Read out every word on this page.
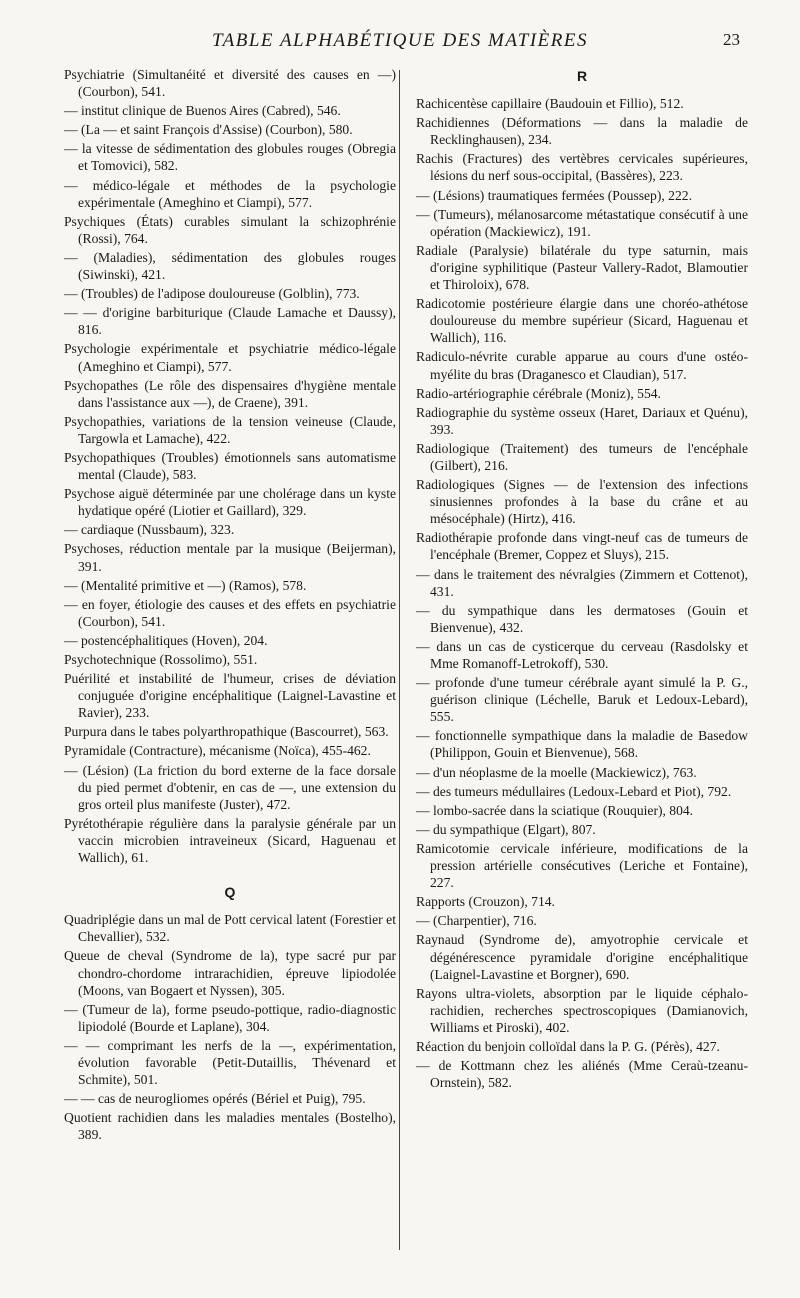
TABLE ALPHABÉTIQUE DES MATIÈRES	23
Psychiatrie (Simultanéité et diversité des causes en —) (Courbon), 541.
— institut clinique de Buenos Aires (Cabred), 546.
— (La — et saint François d'Assise) (Courbon), 580.
— la vitesse de sédimentation des globules rouges (Obregia et Tomovici), 582.
— médico-légale et méthodes de la psychologie expérimentale (Ameghino et Ciampi), 577.
Psychiques (États) curables simulant la schizophrénie (Rossi), 764.
— (Maladies), sédimentation des globules rouges (Siwinski), 421.
— (Troubles) de l'adipose douloureuse (Golblin), 773.
— — d'origine barbiturique (Claude Lamache et Daussy), 816.
Psychologie expérimentale et psychiatrie médico-légale (Ameghino et Ciampi), 577.
Psychopathes (Le rôle des dispensaires d'hygiène mentale dans l'assistance aux —), de Craene), 391.
Psychopathies, variations de la tension veineuse (Claude, Targowla et Lamache), 422.
Psychopathiques (Troubles) émotionnels sans automatisme mental (Claude), 583.
Psychose aiguë déterminée par une cholérage dans un kyste hydatique opéré (Liotier et Gaillard), 329.
— cardiaque (Nussbaum), 323.
Psychoses, réduction mentale par la musique (Beijerman), 391.
— (Mentalité primitive et —) (Ramos), 578.
— en foyer, étiologie des causes et des effets en psychiatrie (Courbon), 541.
— postencéphalitiques (Hoven), 204.
Psychotechnique (Rossolimo), 551.
Puérilité et instabilité de l'humeur, crises de déviation conjuguée d'origine encéphalitique (Laignel-Lavastine et Ravier), 233.
Purpura dans le tabes polyarthropathique (Bascourret), 563.
Pyramidale (Contracture), mécanisme (Noïca), 455-462.
— (Lésion) (La friction du bord externe de la face dorsale du pied permet d'obtenir, en cas de —, une extension du gros orteil plus manifeste (Juster), 472.
Pyrétothérapie régulière dans la paralysie générale par un vaccin microbien intraveineux (Sicard, Haguenau et Wallich), 61.
Q
Quadriplégie dans un mal de Pott cervical latent (Forestier et Chevallier), 532.
Queue de cheval (Syndrome de la), type sacré pur par chondro-chordome intrarachidien, épreuve lipiodolée (Moons, van Bogaert et Nyssen), 305.
— (Tumeur de la), forme pseudo-pottique, radio-diagnostic lipiodolé (Bourde et Laplane), 304.
— — comprimant les nerfs de la —, expérimentation, évolution favorable (Petit-Dutaillis, Thévenard et Schmite), 501.
— — cas de neurogliomes opérés (Bériel et Puig), 795.
Quotient rachidien dans les maladies mentales (Bostelho), 389.
R
Rachicentèse capillaire (Baudouin et Fillio), 512.
Rachidiennes (Déformations — dans la maladie de Recklinghausen), 234.
Rachis (Fractures) des vertèbres cervicales supérieures, lésions du nerf sous-occipital, (Bassères), 223.
— (Lésions) traumatiques fermées (Poussep), 222.
— (Tumeurs), mélanosarcome métastatique consécutif à une opération (Mackiewicz), 191.
Radiale (Paralysie) bilatérale du type saturnin, mais d'origine syphilitique (Pasteur Vallery-Radot, Blamoutier et Thiroloix), 678.
Radicotomie postérieure élargie dans une choréo-athétose douloureuse du membre supérieur (Sicard, Haguenau et Wallich), 116.
Radiculo-névrite curable apparue au cours d'une ostéo-myélite du bras (Draganesco et Claudian), 517.
Radio-artériographie cérébrale (Moniz), 554.
Radiographie du système osseux (Haret, Dariaux et Quénu), 393.
Radiologique (Traitement) des tumeurs de l'encéphale (Gilbert), 216.
Radiologiques (Signes — de l'extension des infections sinusiennes profondes à la base du crâne et au mésocéphale) (Hirtz), 416.
Radiothérapie profonde dans vingt-neuf cas de tumeurs de l'encéphale (Bremer, Coppez et Sluys), 215.
— dans le traitement des névralgies (Zimmern et Cottenot), 431.
— du sympathique dans les dermatoses (Gouin et Bienvenue), 432.
— dans un cas de cysticerque du cerveau (Rasdolsky et Mme Romanoff-Letrokoff), 530.
— profonde d'une tumeur cérébrale ayant simulé la P. G., guérison clinique (Léchelle, Baruk et Ledoux-Lebard), 555.
— fonctionnelle sympathique dans la maladie de Basedow (Philippon, Gouin et Bienvenue), 568.
— d'un néoplasme de la moelle (Mackiewicz), 763.
— des tumeurs médullaires (Ledoux-Lebard et Piot), 792.
— lombo-sacrée dans la sciatique (Rouquier), 804.
— du sympathique (Elgart), 807.
Ramicotomie cervicale inférieure, modifications de la pression artérielle consécutives (Leriche et Fontaine), 227.
Rapports (Crouzon), 714.
— (Charpentier), 716.
Raynaud (Syndrome de), amyotrophie cervicale et dégénérescence pyramidale d'origine encéphalitique (Laignel-Lavastine et Borgner), 690.
Rayons ultra-violets, absorption par le liquide céphalo-rachidien, recherches spectroscopiques (Damianovich, Williams et Piroski), 402.
Réaction du benjoin colloïdal dans la P. G. (Pérès), 427.
— de Kottmann chez les aliénés (Mme Ceraù-tzeanu-Ornstein), 582.
